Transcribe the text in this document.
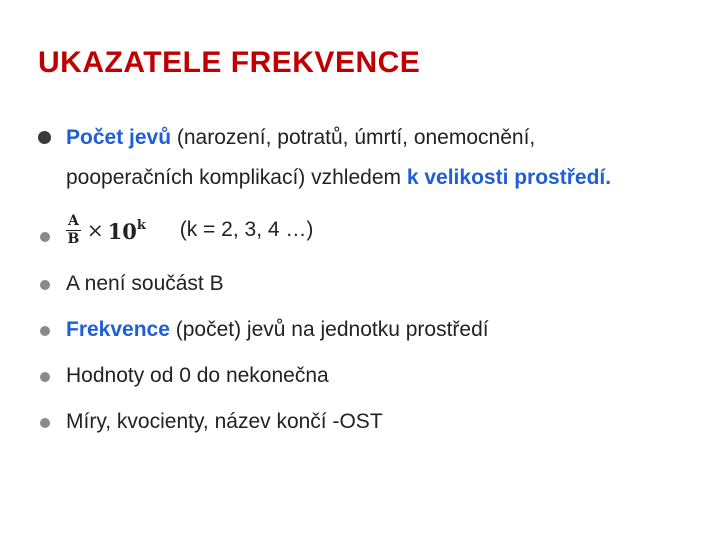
UKAZATELE FREKVENCE
Počet jevů (narození, potratů, úmrtí, onemocnění,
pooperačních komplikací) vzhledem k velikosti prostředí.
$\frac{A}{B} \times 10^k$ (k = 2, 3, 4 …)
A není součást B
Frekvence (počet) jevů na jednotku prostředí
Hodnoty od 0 do nekonečna
Míry, kvocienty, název končí -OST
